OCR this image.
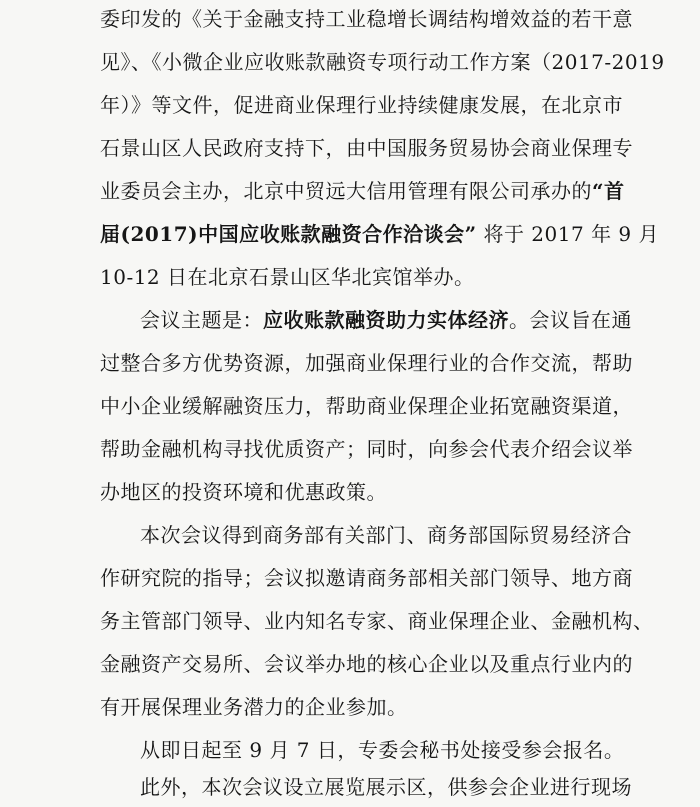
委印发的《关于金融支持工业稳增长调结构增效益的若干意
见》、《小微企业应收账款融资专项行动工作方案（2017-2019
年）》等文件，促进商业保理行业持续健康发展，在北京市
石景山区人民政府支持下，由中国服务贸易协会商业保理专
业委员会主办，北京中贸远大信用管理有限公司承办的“首
届(2017)中国应收账款融资合作洽谈会” 将于 2017 年 9 月
10-12 日在北京石景山区华北宾馆举办。
会议主题是：应收账款融资助力实体经济。会议旨在通
过整合多方优势资源，加强商业保理行业的合作交流，帮助
中小企业缓解融资压力，帮助商业保理企业拓宽融资渠道，
帮助金融机构寻找优质资产；同时，向参会代表介绍会议举
办地区的投资环境和优惠政策。
本次会议得到商务部有关部门、商务部国际贸易经济合
作研究院的指导；会议拟邀请商务部相关部门领导、地方商
务主管部门领导、业内知名专家、商业保理企业、金融机构、
金融资产交易所、会议举办地的核心企业以及重点行业内的
有开展保理业务潜力的企业参加。
从即日起至 9 月 7 日，专委会秘书处接受参会报名。
此外，本次会议设立展览展示区，供参会企业进行现场
